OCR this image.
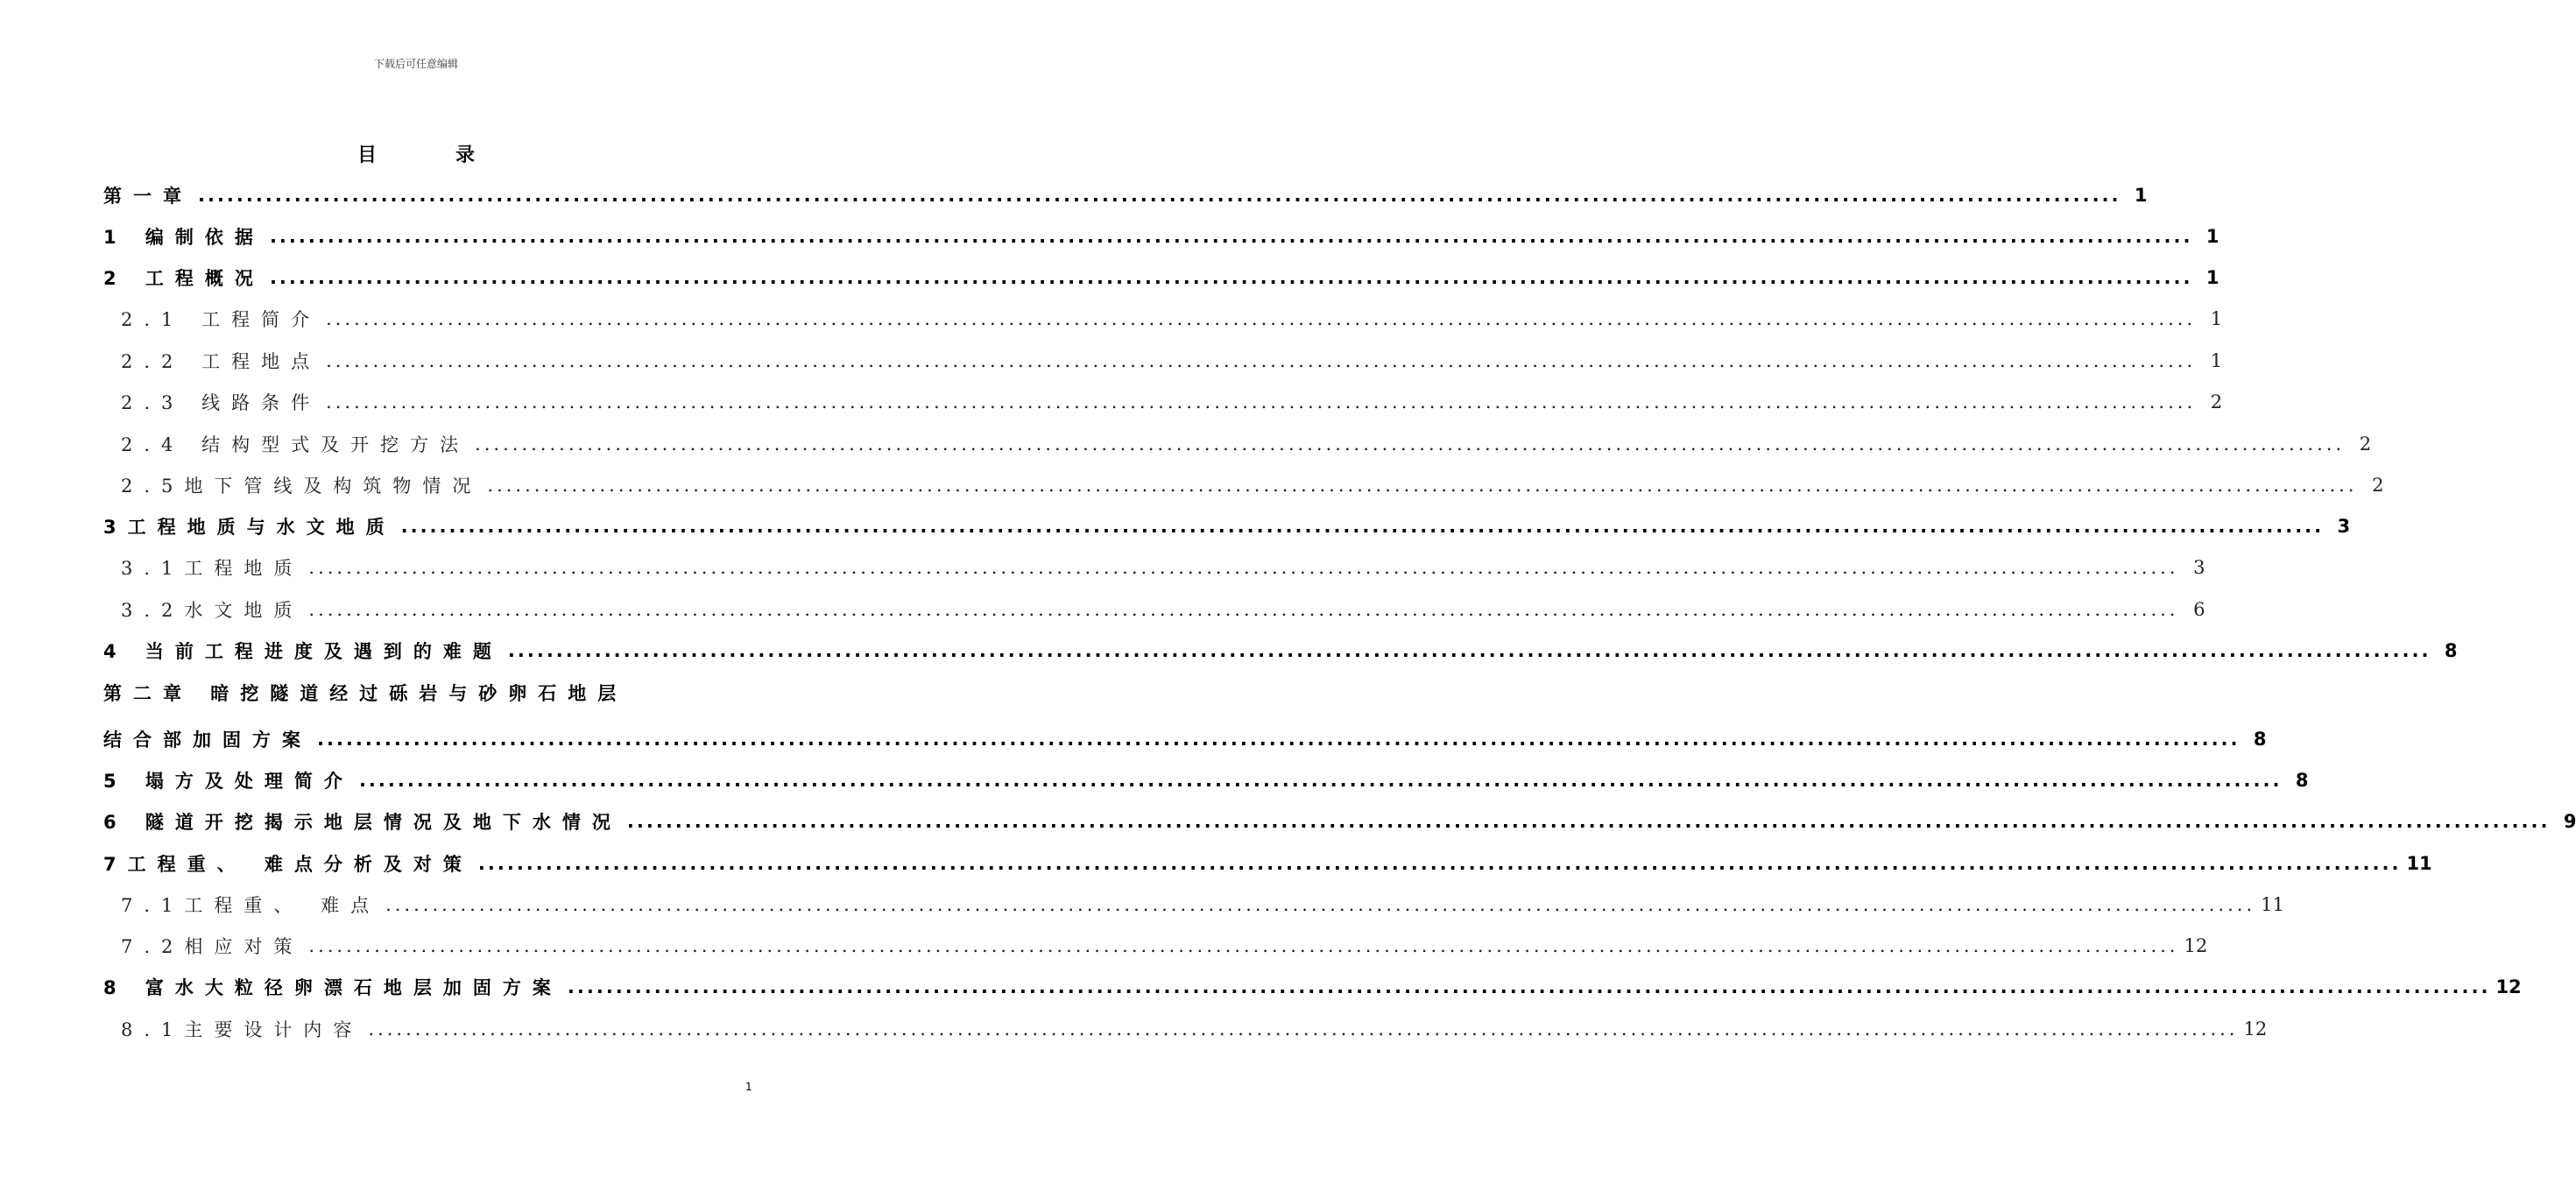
下载后可任意编辑
目	录
第一章 ........................................................................................................................................................................................................ 1
1 编制依据 ........................................................................................................................................................................................................ 1
2 工程概况 ........................................................................................................................................................................................................ 1
2.1 工程简介 ........................................................................................................................................................................................................ 1
2.2 工程地点 ........................................................................................................................................................................................................ 1
2.3 线路条件 ........................................................................................................................................................................................................ 2
2.4 结构型式及开挖方法 ........................................................................................................................................................................................................ 2
2.5地下管线及构筑物情况 ........................................................................................................................................................................................................ 2
3工程地质与水文地质 ........................................................................................................................................................................................................ 3
3.1工程地质 ........................................................................................................................................................................................................ 3
3.2水文地质 ........................................................................................................................................................................................................ 6
4 当前工程进度及遇到的难题 ........................................................................................................................................................................................................ 8
第二章 暗挖隧道经过砾岩与砂卵石地层
结合部加固方案 ........................................................................................................................................................................................................ 8
5 塌方及处理简介 ........................................................................................................................................................................................................ 8
6 隧道开挖揭示地层情况及地下水情况 ........................................................................................................................................................................................................ 9
7工程重、 难点分析及对策 ........................................................................................................................................................................................................ 11
7.1工程重、 难点 ........................................................................................................................................................................................................ 11
7.2相应对策 ........................................................................................................................................................................................................ 12
8 富水大粒径卵漂石地层加固方案 ........................................................................................................................................................................................................ 12
8.1主要设计内容 ........................................................................................................................................................................................................ 12
1
